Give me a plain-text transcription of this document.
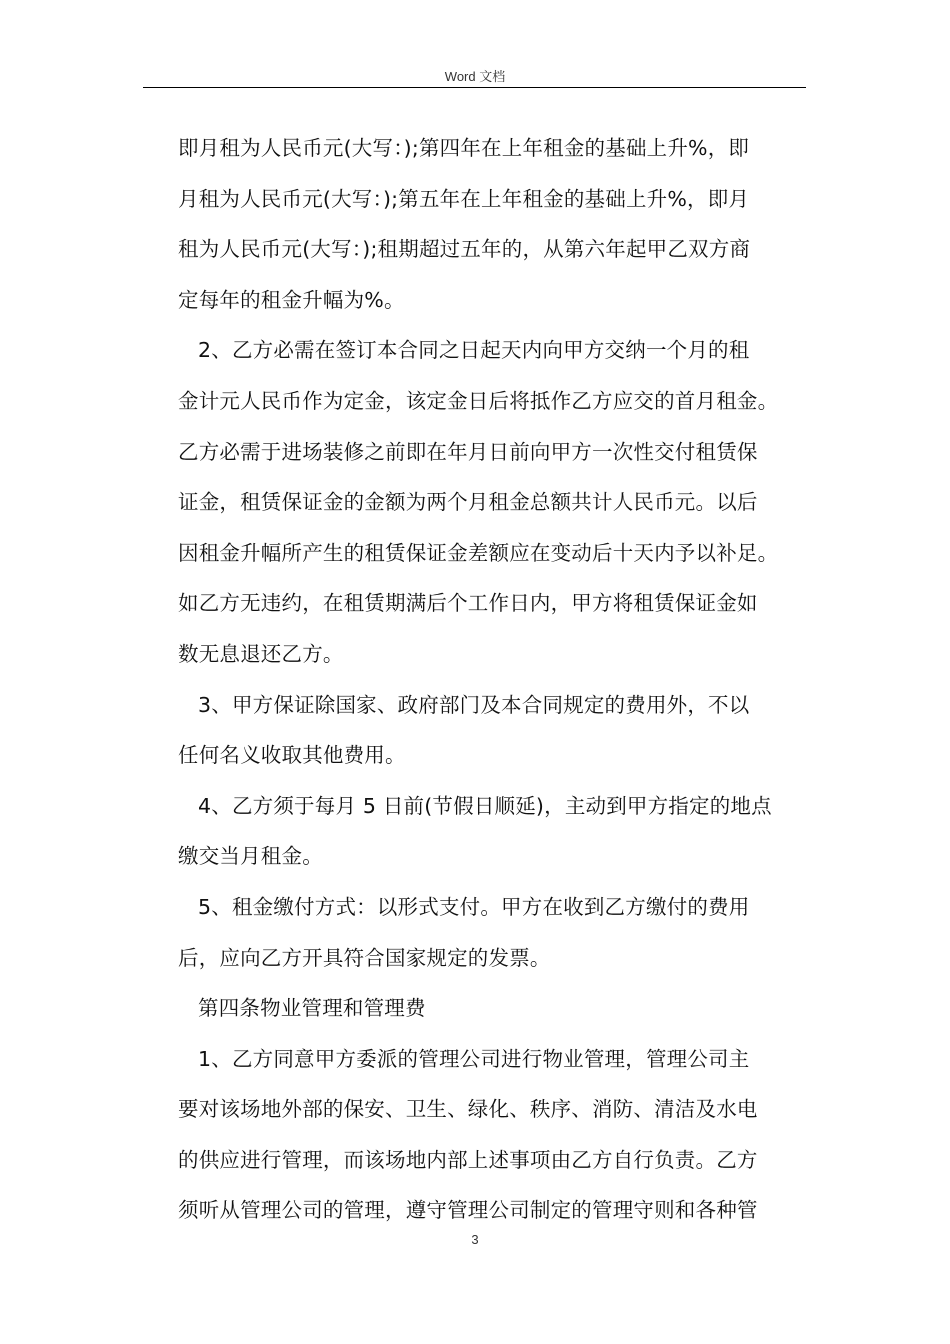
Word 文档
即月租为人民币元(大写：);第四年在上年租金的基础上升%，即
月租为人民币元(大写：);第五年在上年租金的基础上升%，即月
租为人民币元(大写：);租期超过五年的，从第六年起甲乙双方商
定每年的租金升幅为%。
2、乙方必需在签订本合同之日起天内向甲方交纳一个月的租
金计元人民币作为定金，该定金日后将抵作乙方应交的首月租金。
乙方必需于进场装修之前即在年月日前向甲方一次性交付租赁保
证金，租赁保证金的金额为两个月租金总额共计人民币元。以后
因租金升幅所产生的租赁保证金差额应在变动后十天内予以补足。
如乙方无违约，在租赁期满后个工作日内，甲方将租赁保证金如
数无息退还乙方。
3、甲方保证除国家、政府部门及本合同规定的费用外，不以
任何名义收取其他费用。
4、乙方须于每月 5 日前(节假日顺延)，主动到甲方指定的地点
缴交当月租金。
5、租金缴付方式：以形式支付。甲方在收到乙方缴付的费用
后，应向乙方开具符合国家规定的发票。
第四条物业管理和管理费
1、乙方同意甲方委派的管理公司进行物业管理，管理公司主
要对该场地外部的保安、卫生、绿化、秩序、消防、清洁及水电
的供应进行管理，而该场地内部上述事项由乙方自行负责。乙方
须听从管理公司的管理，遵守管理公司制定的管理守则和各种管
3
